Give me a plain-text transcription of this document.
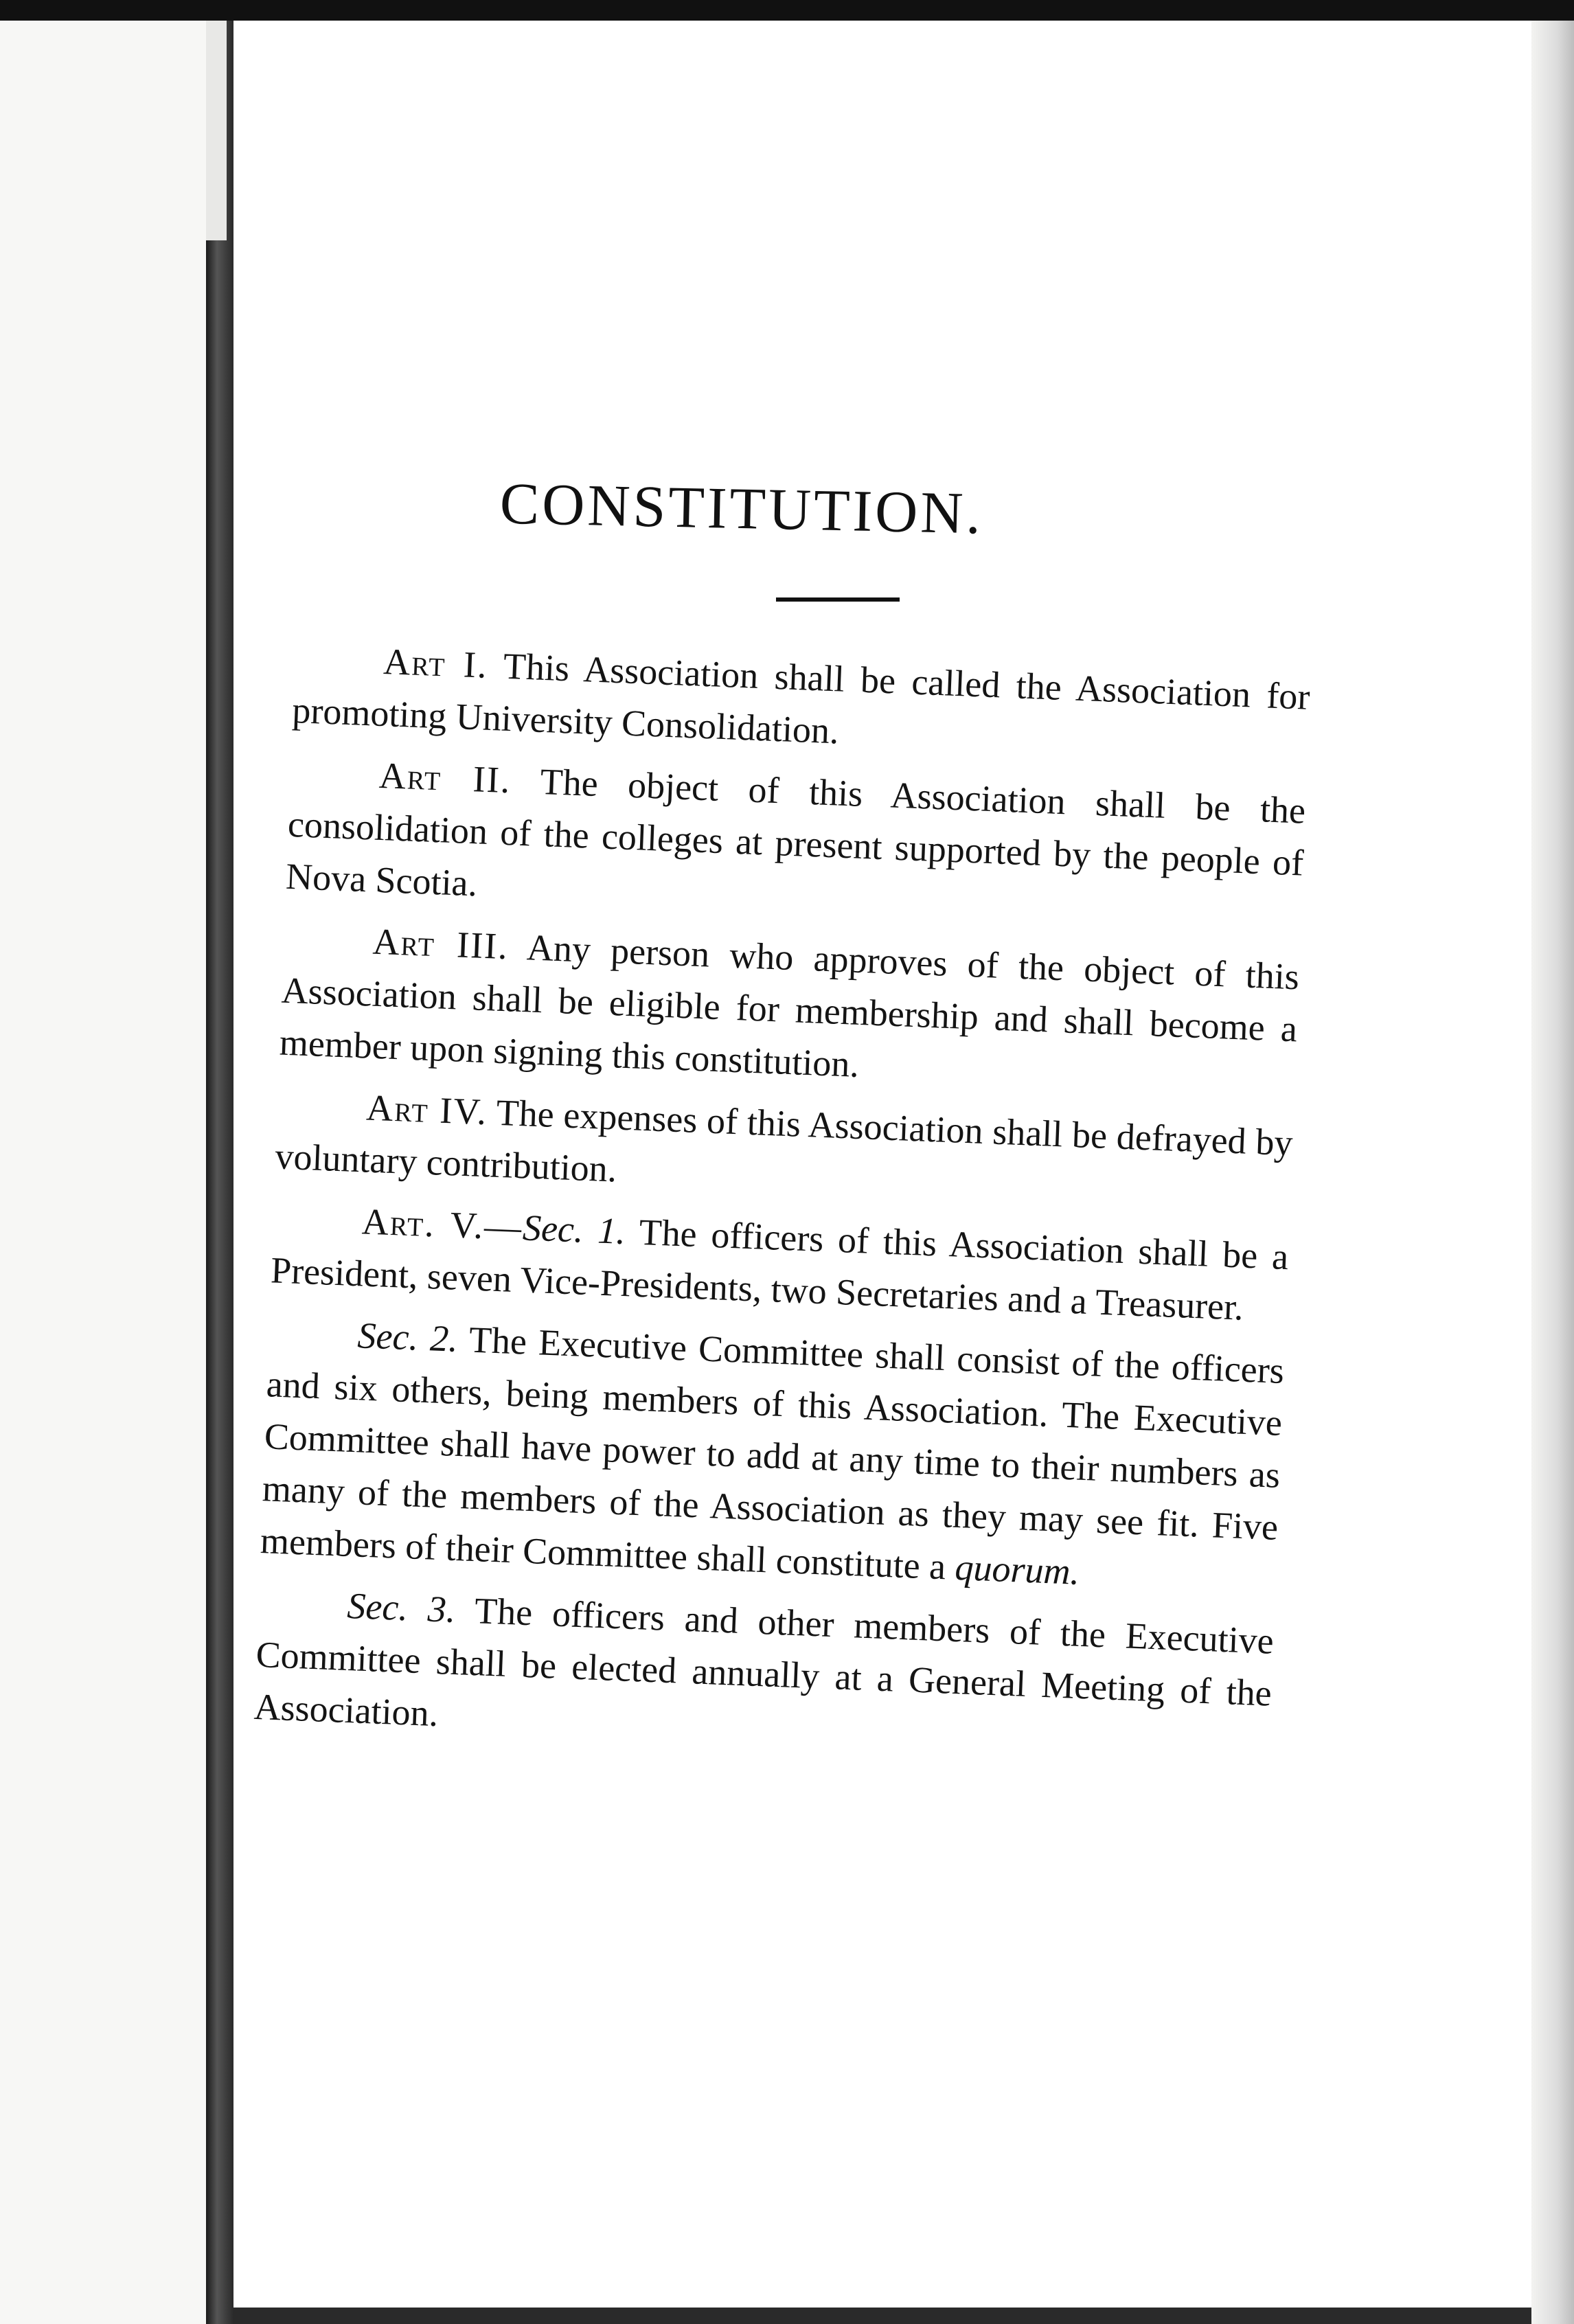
CONSTITUTION.

Art I. This Association shall be called the Association for promoting University Consolidation.

Art II. The object of this Association shall be the consolidation of the colleges at present supported by the people of Nova Scotia.

Art III. Any person who approves of the object of this Association shall be eligible for membership and shall become a member upon signing this constitution.

Art IV. The expenses of this Association shall be defrayed by voluntary contribution.

Art. V.—Sec. 1. The officers of this Association shall be a President, seven Vice-Presidents, two Secretaries and a Treasurer.

Sec. 2. The Executive Committee shall consist of the officers and six others, being members of this Association. The Executive Committee shall have power to add at any time to their numbers as many of the members of the Association as they may see fit. Five members of their Committee shall constitute a quorum.

Sec. 3. The officers and other members of the Executive Committee shall be elected annually at a General Meeting of the Association.
